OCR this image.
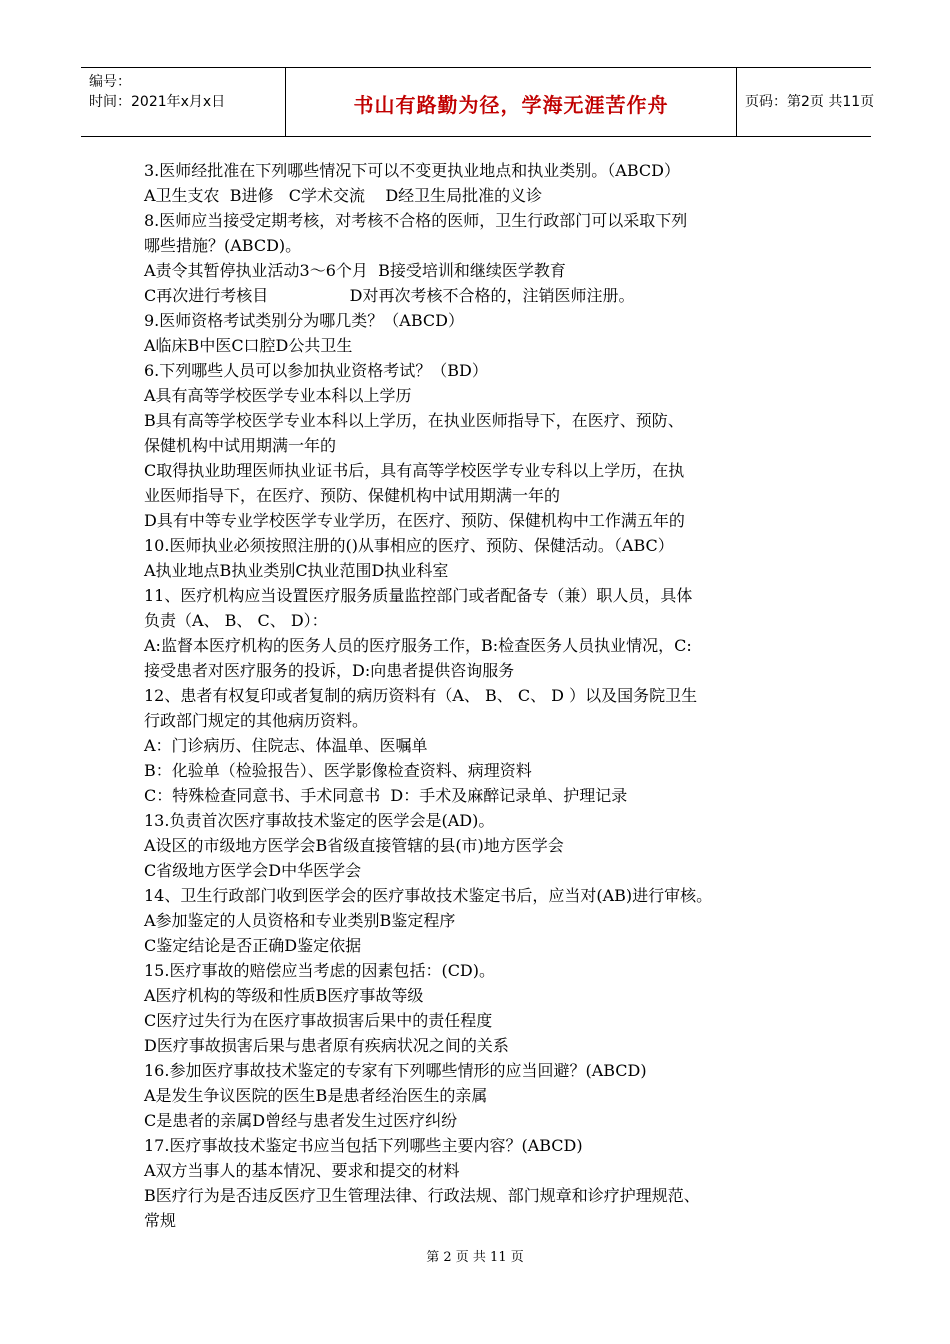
编号：
时间：2021年x月x日	书山有路勤为径，学海无涯苦作舟	页码：第2页 共11页
3.医师经批准在下列哪些情况下可以不变更执业地点和执业类别。（ABCD）
A卫生支农  B进修   C学术交流    D经卫生局批准的义诊
8.医师应当接受定期考核，对考核不合格的医师，卫生行政部门可以采取下列
哪些措施？(ABCD)。
A责令其暂停执业活动3～6个月  B接受培训和继续医学教育
C再次进行考核目                D对再次考核不合格的，注销医师注册。
9.医师资格考试类别分为哪几类？（ABCD）
A临床B中医C口腔D公共卫生
6.下列哪些人员可以参加执业资格考试？（BD）
A具有高等学校医学专业本科以上学历
B具有高等学校医学专业本科以上学历，在执业医师指导下，在医疗、预防、
保健机构中试用期满一年的
C取得执业助理医师执业证书后，具有高等学校医学专业专科以上学历，在执
业医师指导下，在医疗、预防、保健机构中试用期满一年的
D具有中等专业学校医学专业学历，在医疗、预防、保健机构中工作满五年的
10.医师执业必须按照注册的()从事相应的医疗、预防、保健活动。（ABC）
A执业地点B执业类别C执业范围D执业科室
11、医疗机构应当设置医疗服务质量监控部门或者配备专（兼）职人员，具体
负责（A、 B、 C、 D）：
A:监督本医疗机构的医务人员的医疗服务工作，B:检查医务人员执业情况，C:
接受患者对医疗服务的投诉，D:向患者提供咨询服务
12、患者有权复印或者复制的病历资料有（A、 B、 C、 D ）以及国务院卫生
行政部门规定的其他病历资料。
A：门诊病历、住院志、体温单、医嘱单
B：化验单（检验报告）、医学影像检查资料、病理资料
C：特殊检查同意书、手术同意书  D：手术及麻醉记录单、护理记录
13.负责首次医疗事故技术鉴定的医学会是(AD)。
A设区的市级地方医学会B省级直接管辖的县(市)地方医学会
C省级地方医学会D中华医学会
14、卫生行政部门收到医学会的医疗事故技术鉴定书后，应当对(AB)进行审核。
A参加鉴定的人员资格和专业类别B鉴定程序
C鉴定结论是否正确D鉴定依据
15.医疗事故的赔偿应当考虑的因素包括：(CD)。
A医疗机构的等级和性质B医疗事故等级
C医疗过失行为在医疗事故损害后果中的责任程度
D医疗事故损害后果与患者原有疾病状况之间的关系
16.参加医疗事故技术鉴定的专家有下列哪些情形的应当回避？(ABCD)
A是发生争议医院的医生B是患者经治医生的亲属
C是患者的亲属D曾经与患者发生过医疗纠纷
17.医疗事故技术鉴定书应当包括下列哪些主要内容？(ABCD)
A双方当事人的基本情况、要求和提交的材料
B医疗行为是否违反医疗卫生管理法律、行政法规、部门规章和诊疗护理规范、
常规
第 2 页 共 11 页
